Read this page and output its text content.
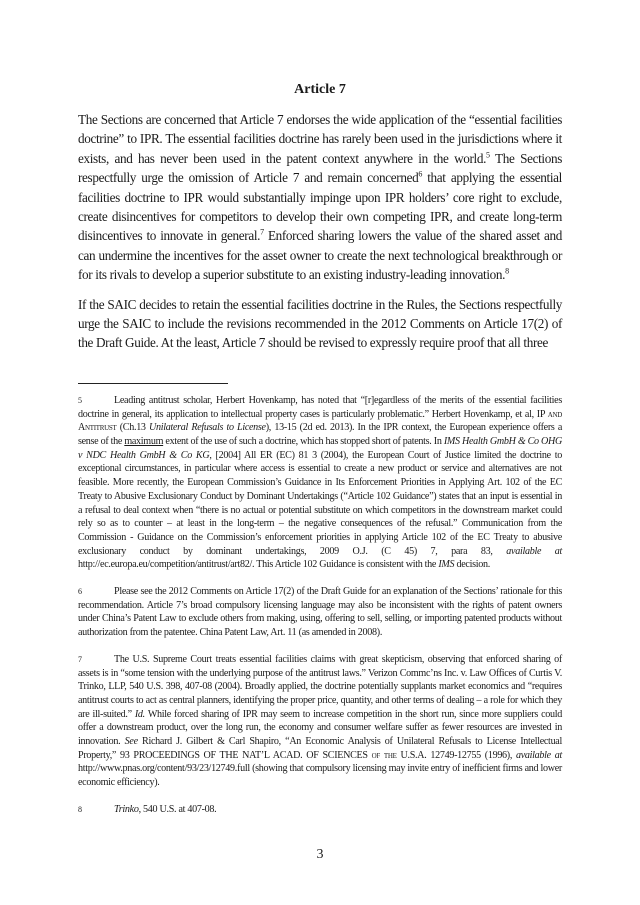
Article 7

The Sections are concerned that Article 7 endorses the wide application of the “essential facilities doctrine” to IPR. The essential facilities doctrine has rarely been used in the jurisdictions where it exists, and has never been used in the patent context anywhere in the world.$^5$ The Sections respectfully urge the omission of Article 7 and remain concerned$^6$ that applying the essential facilities doctrine to IPR would substantially impinge upon IPR holders’ core right to exclude, create disincentives for competitors to develop their own competing IPR, and create long-term disincentives to innovate in general.$^7$ Enforced sharing lowers the value of the shared asset and can undermine the incentives for the asset owner to create the next technological breakthrough or for its rivals to develop a superior substitute to an existing industry-leading innovation.$^8$

If the SAIC decides to retain the essential facilities doctrine in the Rules, the Sections respectfully urge the SAIC to include the revisions recommended in the 2012 Comments on Article 17(2) of the Draft Guide. At the least, Article 7 should be revised to expressly require proof that all three

5	Leading antitrust scholar, Herbert Hovenkamp, has noted that “[r]egardless of the merits of the essential facilities doctrine in general, its application to intellectual property cases is particularly problematic.” Herbert Hovenkamp, et al, IP and Antitrust (Ch.13 Unilateral Refusals to License), 13-15 (2d ed. 2013). In the IPR context, the European experience offers a sense of the maximum extent of the use of such a doctrine, which has stopped short of patents. In IMS Health GmbH & Co OHG v NDC Health GmbH & Co KG, [2004] All ER (EC) 81 3 (2004), the European Court of Justice limited the doctrine to exceptional circumstances, in particular where access is essential to create a new product or service and alternatives are not feasible. More recently, the European Commission’s Guidance in Its Enforcement Priorities in Applying Art. 102 of the EC Treaty to Abusive Exclusionary Conduct by Dominant Undertakings (“Article 102 Guidance”) states that an input is essential in a refusal to deal context when “there is no actual or potential substitute on which competitors in the downstream market could rely so as to counter – at least in the long-term – the negative consequences of the refusal.” Communication from the Commission - Guidance on the Commission’s enforcement priorities in applying Article 102 of the EC Treaty to abusive exclusionary conduct by dominant undertakings, 2009 O.J. (C 45) 7, para 83, available at http://ec.europa.eu/competition/antitrust/art82/. This Article 102 Guidance is consistent with the IMS decision.
6	Please see the 2012 Comments on Article 17(2) of the Draft Guide for an explanation of the Sections’ rationale for this recommendation. Article 7’s broad compulsory licensing language may also be inconsistent with the rights of patent owners under China’s Patent Law to exclude others from making, using, offering to sell, selling, or importing patented products without authorization from the patentee. China Patent Law, Art. 11 (as amended in 2008).
7	The U.S. Supreme Court treats essential facilities claims with great skepticism, observing that enforced sharing of assets is in “some tension with the underlying purpose of the antitrust laws.” Verizon Commc’ns Inc. v. Law Offices of Curtis V. Trinko, LLP, 540 U.S. 398, 407-08 (2004). Broadly applied, the doctrine potentially supplants market economics and “requires antitrust courts to act as central planners, identifying the proper price, quantity, and other terms of dealing – a role for which they are ill-suited.” Id. While forced sharing of IPR may seem to increase competition in the short run, since more suppliers could offer a downstream product, over the long run, the economy and consumer welfare suffer as fewer resources are invested in innovation. See Richard J. Gilbert & Carl Shapiro, “An Economic Analysis of Unilateral Refusals to License Intellectual Property,” 93 PROCEEDINGS OF THE NAT’L ACAD. OF SCIENCES of the U.S.A. 12749-12755 (1996), available at http://www.pnas.org/content/93/23/12749.full (showing that compulsory licensing may invite entry of inefficient firms and lower economic efficiency).
8	Trinko, 540 U.S. at 407-08.
3
